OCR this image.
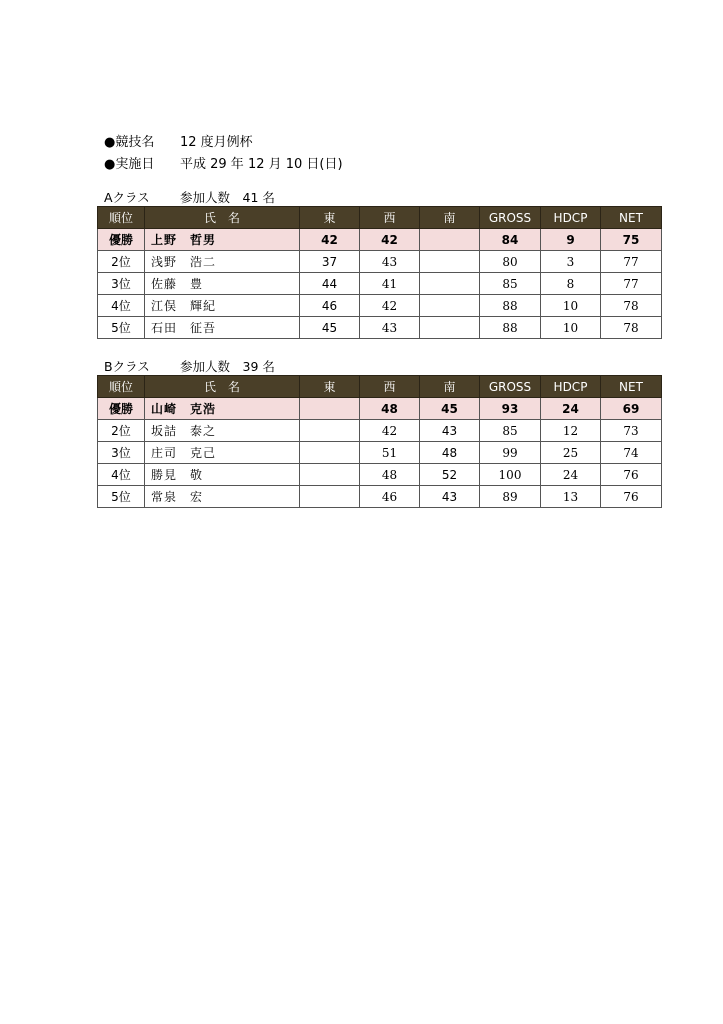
●競技名 12 度月例杯
●実施日 平成 29 年 12 月 10 日(日)
Aクラス 参加人数　41 名
順位	氏　名	東	西	南	GROSS	HDCP	NET
優勝	上野　哲男	42	42		84	9	75
2位	浅野　浩二	37	43		80	3	77
3位	佐藤　豊	44	41		85	8	77
4位	江俣　輝紀	46	42		88	10	78
5位	石田　征吾	45	43		88	10	78
Bクラス 参加人数　39 名
順位	氏　名	東	西	南	GROSS	HDCP	NET
優勝	山崎　克浩		48	45	93	24	69
2位	坂詰　泰之		42	43	85	12	73
3位	庄司　克己		51	48	99	25	74
4位	勝見　敬		48	52	100	24	76
5位	常泉　宏		46	43	89	13	76
